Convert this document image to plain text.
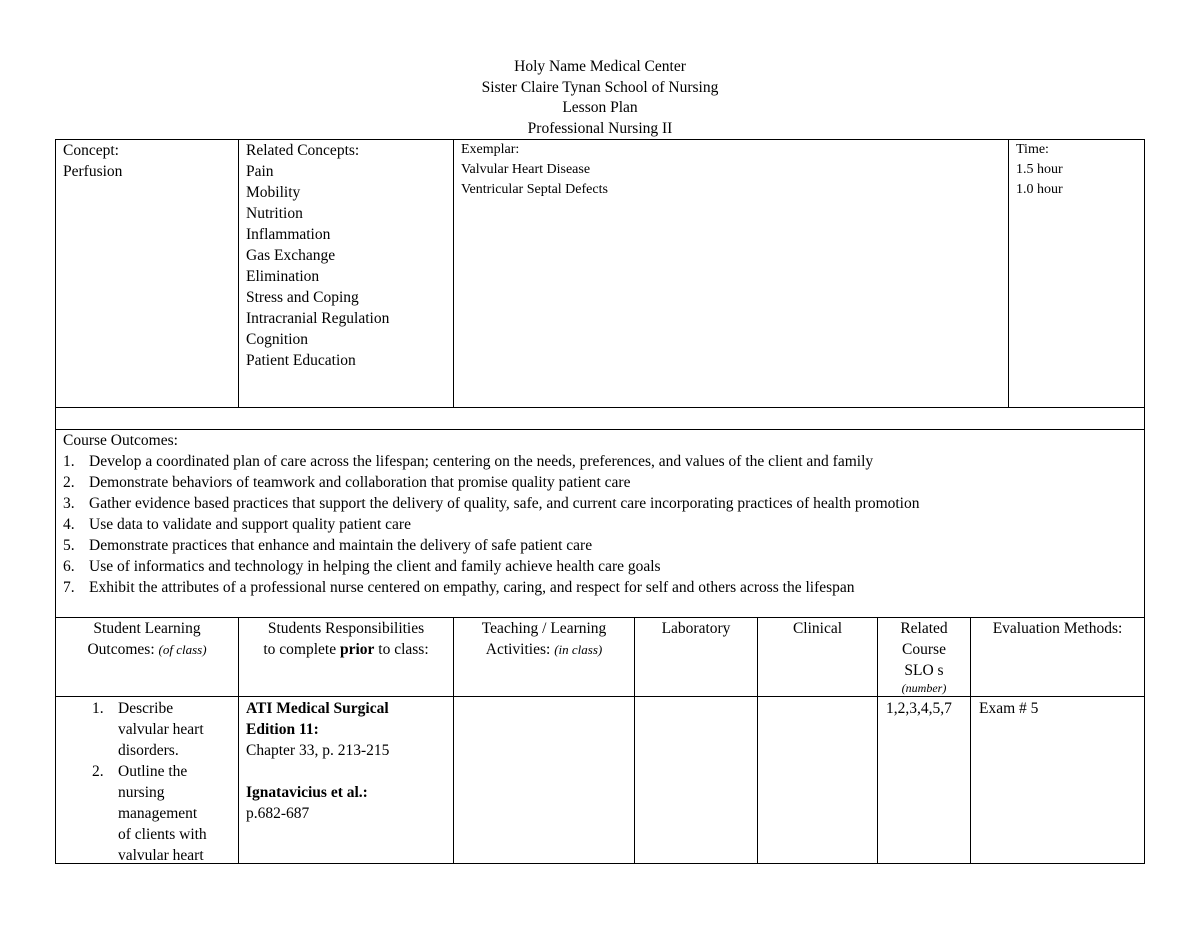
Holy Name Medical Center
Sister Claire Tynan School of Nursing
Lesson Plan
Professional Nursing II
Concept:
Perfusion
Related Concepts:
Pain
Mobility
Nutrition
Inflammation
Gas Exchange
Elimination
Stress and Coping
Intracranial Regulation
Cognition
Patient Education
Exemplar:
Valvular Heart Disease
Ventricular Septal Defects
Time:
1.5 hour
1.0 hour
Course Outcomes:
1. Develop a coordinated plan of care across the lifespan; centering on the needs, preferences, and values of the client and family
2. Demonstrate behaviors of teamwork and collaboration that promise quality patient care
3. Gather evidence based practices that support the delivery of quality, safe, and current care incorporating practices of health promotion
4. Use data to validate and support quality patient care
5. Demonstrate practices that enhance and maintain the delivery of safe patient care
6. Use of informatics and technology in helping the client and family achieve health care goals
7. Exhibit the attributes of a professional nurse centered on empathy, caring, and respect for self and others across the lifespan
Student Learning
Outcomes: (of class)
Students Responsibilities
to complete prior to class:
Teaching / Learning
Activities: (in class)
Laboratory	Clinical	Related
Course
SLO s
(number)
Evaluation Methods:
1. Describe
valvular heart
disorders.
2. Outline the
nursing
management
of clients with
valvular heart
ATI Medical Surgical
Edition 11:
Chapter 33, p. 213-215
Ignatavicius et al.:
p.682-687
1,2,3,4,5,7 Exam # 5
